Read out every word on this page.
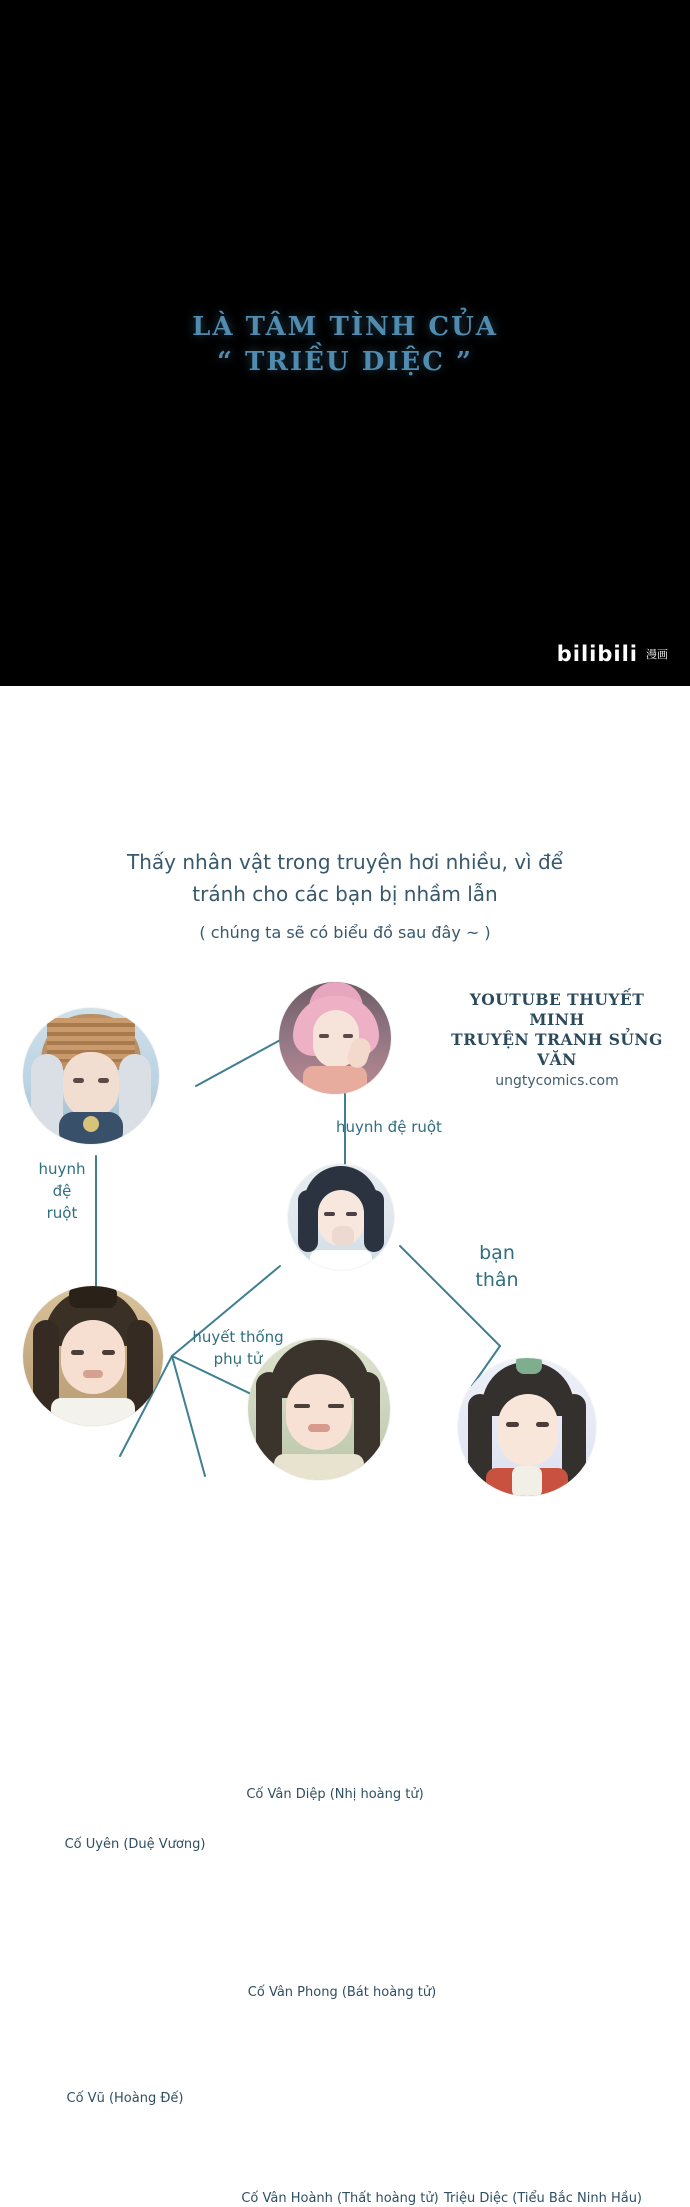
LÀ TÂM TÌNH CỦA
“ TRIỀU DIỆC ”
bilibili 漫画
Thấy nhân vật trong truyện hơi nhiều, vì để
tránh cho các bạn bị nhầm lẫn
( chúng ta sẽ có biểu đồ sau đây ~ )
YOUTUBE THUYẾT MINH
TRUYỆN TRANH SỦNG VĂN
ungtycomics.com
Cố Uyên (Duệ Vương)
Cố Vân Diệp (Nhị hoàng tử)
Cố Vân Phong (Bát hoàng tử)
Cố Vũ (Hoàng Đế)
Cố Vân Hoành (Thất hoàng tử) Triệu Diệc (Tiểu Bắc Ninh Hầu)
huynh đệ ruột
huynh
đệ
ruột
bạn
thân
huyết thống
phụ tử
